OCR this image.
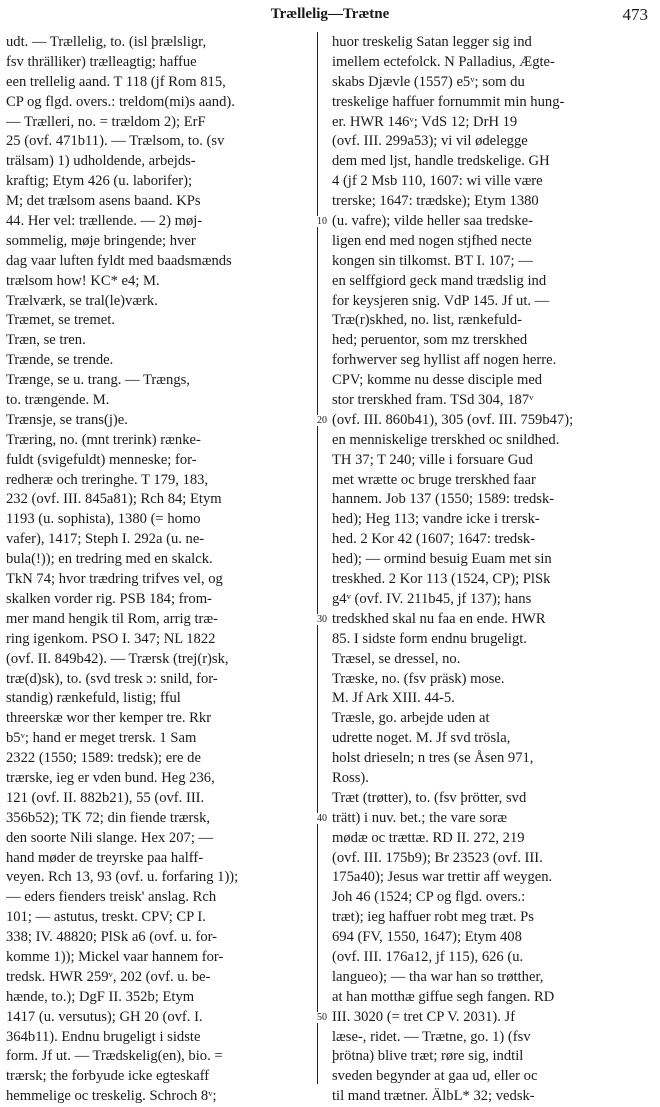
Trællelig—Trætne	473
udt. — Trællelig, to. (isl þrælsligr,
fsv thrälliker) trælleagtig; haffue
een trellelig aand. T 118 (jf Rom 815,
CP og flgd. overs.: treldom(mi)s aand).
— Trælleri, no. = trældom 2); ErF
25 (ovf. 471b11). — Trælsom, to. (sv
trälsam) 1) udholdende, arbejds-
kraftig; Etym 426 (u. laborifer);
M; det trælsom asens baand. KPs
44. Her vel: trællende. — 2) møj-
sommelig, møje bringende; hver
dag vaar luften fyldt med baadsmænds
trælsom how! KC* e4; M.
Trælværk, se tral(le)værk.
Træmet, se tremet.
Træn, se tren.
Trænde, se trende.
Trænge, se u. trang. — Trængs,
to. trængende. M.
Trænsje, se trans(j)e.
Træring, no. (mnt trerink) rænke-
fuldt (svigefuldt) menneske; for-
redheræ och treringhe. T 179, 183,
232 (ovf. III. 845a81); Rch 84; Etym
1193 (u. sophista), 1380 (= homo
vafer), 1417; Steph I. 292a (u. ne-
bula(!)); en tredring med en skalck.
TkN 74; hvor trædring trifves vel, og
skalken vorder rig. PSB 184; from-
mer mand hengik til Rom, arrig træ-
ring igenkom. PSO I. 347; NL 1822
(ovf. II. 849b42). — Trærsk (trej(r)sk,
træ(d)sk), to. (svd tresk ɔ: snild, for-
standig) rænkefuld, listig; fful
threerskæ wor ther kemper tre. Rkr
b5ᵛ; hand er meget trersk. 1 Sam
2322 (1550; 1589: tredsk); ere de
trærske, ieg er vden bund. Heg 236,
121 (ovf. II. 882b21), 55 (ovf. III.
356b52); TK 72; din fiende trærsk,
den soorte Nili slange. Hex 207; —
hand møder de treyrske paa halff-
veyen. Rch 13, 93 (ovf. u. forfaring 1));
— eders fienders treisk' anslag. Rch
101; — astutus, treskt. CPV; CP I.
338; IV. 48820; PlSk a6 (ovf. u. for-
komme 1)); Mickel vaar hannem for-
tredsk. HWR 259ᵛ, 202 (ovf. u. be-
hænde, to.); DgF II. 352b; Etym
1417 (u. versutus); GH 20 (ovf. I.
364b11). Endnu brugeligt i sidste
form. Jf ut. — Trædskelig(en), bio. =
trærsk; the forbyude icke egteskaff
hemmelige oc treskelig. Schroch 8ᵛ;
huor treskelig Satan legger sig ind
imellem ectefolck. N Palladius, Ægte-
skabs Djævle (1557) e5ᵛ; som du
treskelige haffuer fornummit min hung-
er. HWR 146ᵛ; VdS 12; DrH 19
(ovf. III. 299a53); vi vil ødelegge
dem med ljst, handle tredskelige. GH
4 (jf 2 Msb 110, 1607: wi ville være
trerske; 1647: trædske); Etym 1380
(u. vafre); vilde heller saa tredske-
ligen end med nogen stjfhed necte
kongen sin tilkomst. BT I. 107; —
en selffgiord geck mand trædslig ind
for keysjeren snig. VdP 145. Jf ut. —
Træ(r)skhed, no. list, rænkefuld-
hed; peruentor, som mz trerskhed
forhwerver seg hyllist aff nogen herre.
CPV; komme nu desse disciple med
stor trerskhed fram. TSd 304, 187ᵛ
(ovf. III. 860b41), 305 (ovf. III. 759b47);
en menniskelige trerskhed oc snildhed.
TH 37; T 240; ville i forsuare Gud
met wrætte oc bruge trerskhed faar
hannem. Job 137 (1550; 1589: tredsk-
hed); Heg 113; vandre icke i trersk-
hed. 2 Kor 42 (1607; 1647: tredsk-
hed); — ormind besuig Euam met sin
treskhed. 2 Kor 113 (1524, CP); PlSk
g4ᵛ (ovf. IV. 211b45, jf 137); hans
tredskhed skal nu faa en ende. HWR
85. I sidste form endnu brugeligt.
Træsel, se dressel, no.
Træske, no. (fsv präsk) mose.
M. Jf Ark XIII. 44-5.
Træsle, go. arbejde uden at
udrette noget. M. Jf svd trösla,
holst drieseln; n tres (se Åsen 971,
Ross).
Træt (trøtter), to. (fsv þrötter, svd
trätt) i nuv. bet.; the vare soræ
mødæ oc trættæ. RD II. 272, 219
(ovf. III. 175b9); Br 23523 (ovf. III.
175a40); Jesus war trettir aff weygen.
Joh 46 (1524; CP og flgd. overs.:
træt); ieg haffuer robt meg træt. Ps
694 (FV, 1550, 1647); Etym 408
(ovf. III. 176a12, jf 115), 626 (u.
langueo); — tha war han so trøtther,
at han motthæ giffue segh fangen. RD
III. 3020 (= tret CP V. 2031). Jf
læse-, ridet. — Trætne, go. 1) (fsv
þrötna) blive træt; røre sig, indtil
sveden begynder at gaa ud, eller oc
til mand trætner. ÄlbL* 32; vedsk-
10
20
30
40
50
